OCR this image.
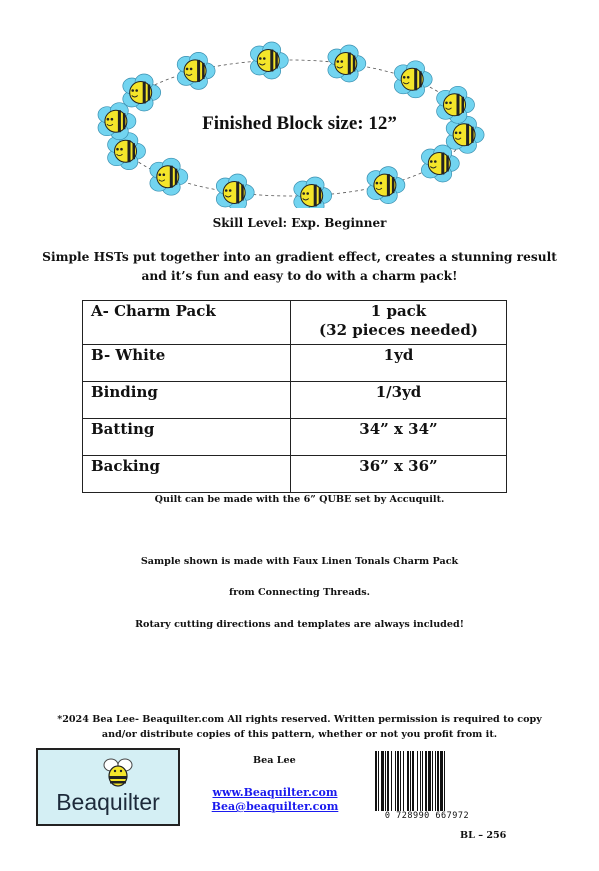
Finished Block size: 12”
Skill Level: Exp. Beginner
Simple HSTs put together into an gradient effect, creates a stunning result
and it’s fun and easy to do with a charm pack!
A- Charm Pack	1 pack
(32 pieces needed)

B- White	1yd
Binding	1/3yd
Batting	34” x 34”
Backing	36” x 36”
Quilt can be made with the 6” QUBE set by Accuquilt.
Sample shown is made with Faux Linen Tonals Charm Pack
from Connecting Threads.
Rotary cutting directions and templates are always included!
*2024 Bea Lee- Beaquilter.com All rights reserved. Written permission is required to copy
and/or distribute copies of this pattern, whether or not you profit from it.
Beaquilter
Bea Lee
www.Beaquilter.com
Bea@beaquilter.com
0 728990 667972
BL – 256
